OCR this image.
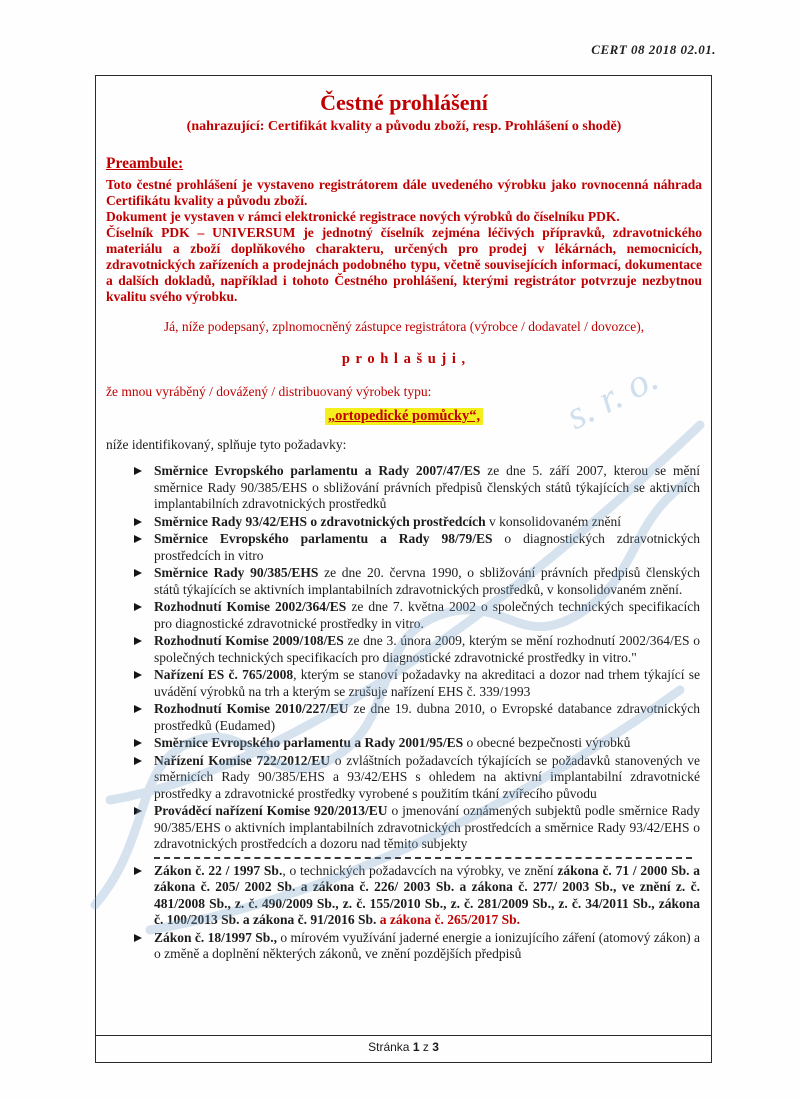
CERT 08 2018 02.01.
Čestné prohlášení
(nahrazující: Certifikát kvality a původu zboží, resp. Prohlášení o shodě)
Preambule:

Toto čestné prohlášení je vystaveno registrátorem dále uvedeného výrobku jako rovnocenná náhrada Certifikátu kvality a původu zboží.

Dokument je vystaven v rámci elektronické registrace nových výrobků do číselníku PDK.

Číselník PDK – UNIVERSUM je jednotný číselník zejména léčivých přípravků, zdravotnického materiálu a zboží doplňkového charakteru, určených pro prodej v lékárnách, nemocnicích, zdravotnických zařízeních a prodejnách podobného typu, včetně souvisejících informací, dokumentace a dalších dokladů, například i tohoto Čestného prohlášení, kterými registrátor potvrzuje nezbytnou kvalitu svého výrobku.

Já, níže podepsaný, zplnomocněný zástupce registrátora (výrobce / dodavatel / dovozce),
p r o h l a š u j i ,
že mnou vyráběný / dovážený / distribuovaný výrobek typu:
„ortopedické pomůcky“,
níže identifikovaný, splňuje tyto požadavky:
Směrnice Evropského parlamentu a Rady 2007/47/ES ze dne 5. září 2007, kterou se mění směrnice Rady 90/385/EHS o sbližování právních předpisů členských států týkajících se aktivních implantabilních zdravotnických prostředků
Směrnice Rady 93/42/EHS o zdravotnických prostředcích v konsolidovaném znění
Směrnice Evropského parlamentu a Rady 98/79/ES o diagnostických zdravotnických prostředcích in vitro
Směrnice Rady 90/385/EHS ze dne 20. června 1990, o sbližování právních předpisů členských států týkajících se aktivních implantabilních zdravotnických prostředků, v konsolidovaném znění.
Rozhodnutí Komise 2002/364/ES ze dne 7. května 2002 o společných technických specifikacích pro diagnostické zdravotnické prostředky in vitro.
Rozhodnutí Komise 2009/108/ES ze dne 3. února 2009, kterým se mění rozhodnutí 2002/364/ES o společných technických specifikacích pro diagnostické zdravotnické prostředky in vitro."
Nařízení ES č. 765/2008, kterým se stanoví požadavky na akreditaci a dozor nad trhem týkající se uvádění výrobků na trh a kterým se zrušuje nařízení EHS č. 339/1993
Rozhodnutí Komise 2010/227/EU ze dne 19. dubna 2010, o Evropské databance zdravotnických prostředků (Eudamed)
Směrnice Evropského parlamentu a Rady 2001/95/ES o obecné bezpečnosti výrobků
Nařízení Komise 722/2012/EU o zvláštních požadavcích týkajících se požadavků stanovených ve směrnicích Rady 90/385/EHS a 93/42/EHS s ohledem na aktivní implantabilní zdravotnické prostředky a zdravotnické prostředky vyrobené s použitím tkání zvířecího původu
Prováděcí nařízení Komise 920/2013/EU o jmenování oznámených subjektů podle směrnice Rady 90/385/EHS o aktivních implantabilních zdravotnických prostředcích a směrnice Rady 93/42/EHS o zdravotnických prostředcích a dozoru nad těmito subjekty
Zákon č. 22 / 1997 Sb., o technických požadavcích na výrobky, ve znění zákona č. 71 / 2000 Sb. a zákona č. 205/ 2002 Sb. a zákona č. 226/ 2003 Sb. a zákona č. 277/ 2003 Sb., ve znění z. č. 481/2008 Sb., z. č. 490/2009 Sb., z. č. 155/2010 Sb., z. č. 281/2009 Sb., z. č. 34/2011 Sb., zákona č. 100/2013 Sb. a zákona č. 91/2016 Sb. a zákona č. 265/2017 Sb.
Zákon č. 18/1997 Sb., o mírovém využívání jaderné energie a ionizujícího záření (atomový zákon) a o změně a doplnění některých zákonů, ve znění pozdějších předpisů
Stránka 1 z 3
s. r. o.
